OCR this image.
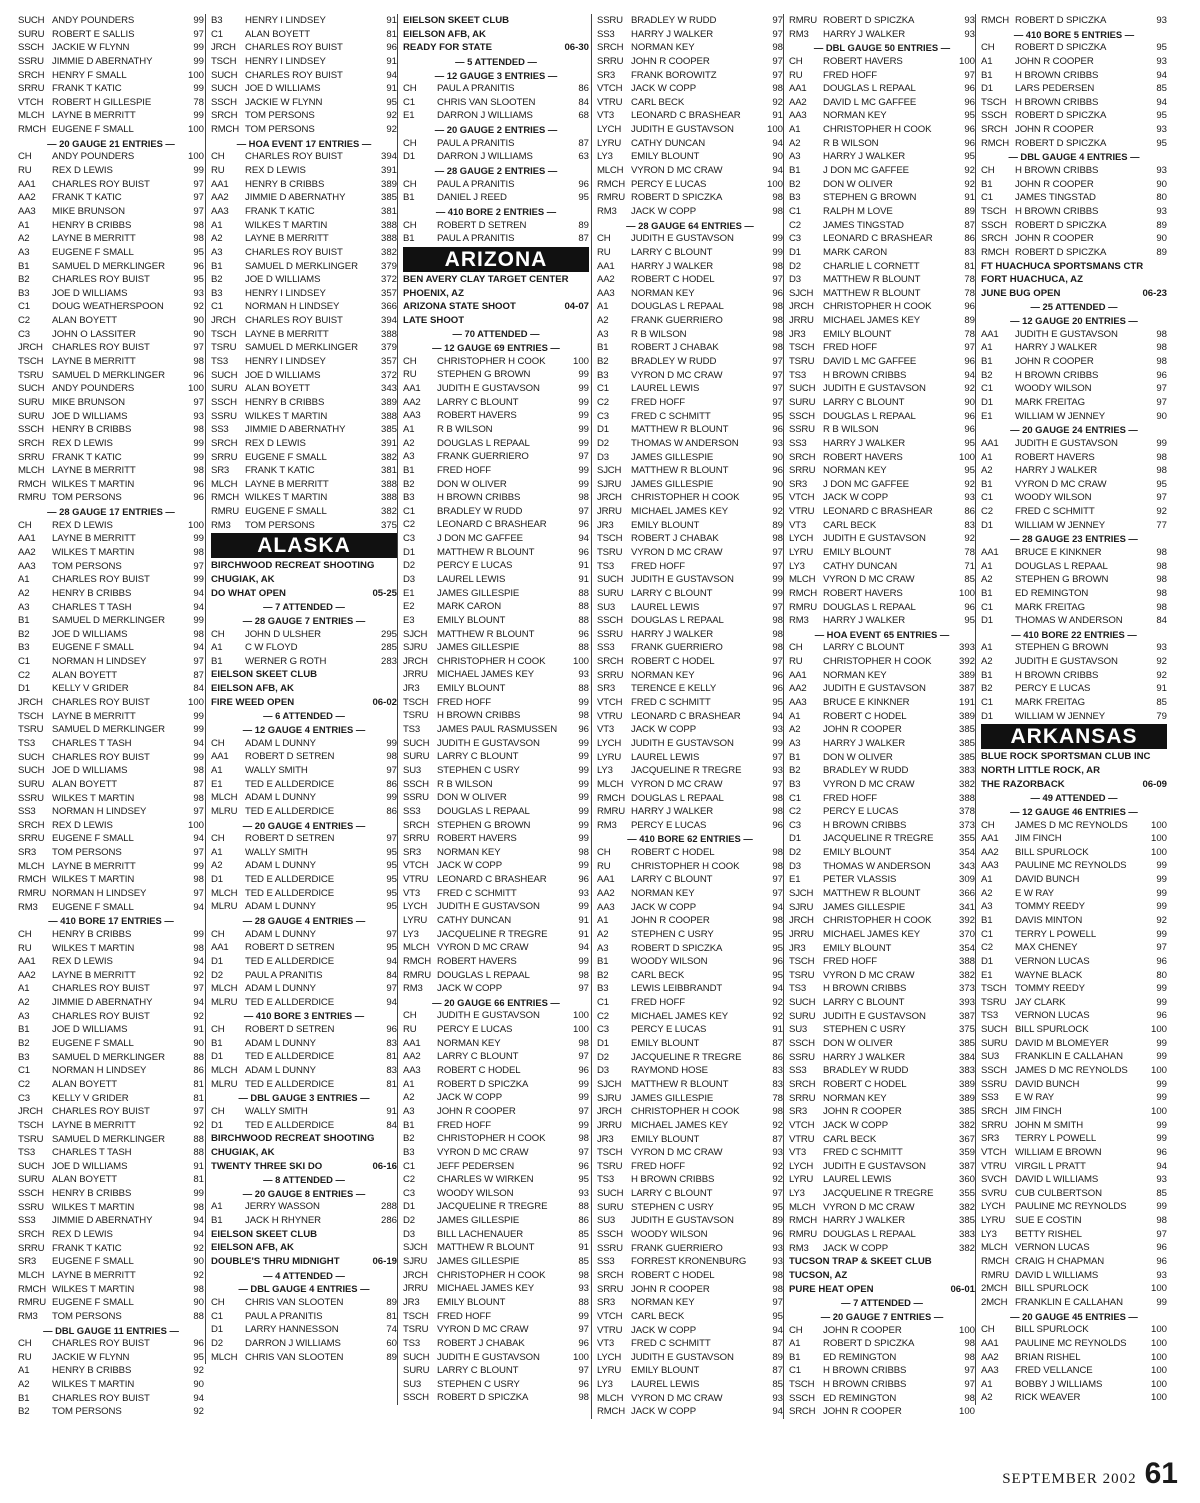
SUCH ANDY POUNDERS	99
SURU ROBERT E SALLIS	97
SSCH JACKIE W FLYNN	99
SSRU JIMMIE D ABERNATHY	99
SRCH HENRY F SMALL	100
SRRU FRANK T KATIC	99
VTCH ROBERT H GILLESPIE	78
MLCH LAYNE B MERRITT	99
RMCH EUGENE F SMALL	100
— 20 GAUGE 21 ENTRIES —
CH	ANDY POUNDERS	100
RU	REX D LEWIS	99
AA1	CHARLES ROY BUIST	97
AA2	FRANK T KATIC	97
AA3	MIKE BRUNSON	97
A1	HENRY B CRIBBS	98
A2	LAYNE B MERRITT	98
A3	EUGENE F SMALL	95
B1	SAMUEL D MERKLINGER	96
B2	CHARLES ROY BUIST	95
B3	JOE D WILLIAMS	93
C1	DOUG WEATHERSPOON	92
C2	ALAN BOYETT	90
C3	JOHN O LASSITER	90
JRCH CHARLES ROY BUIST	97
TSCH LAYNE B MERRITT	98
TSRU SAMUEL D MERKLINGER	96
SUCH ANDY POUNDERS	100
SURU MIKE BRUNSON	97
SURU JOE D WILLIAMS	93
SSCH HENRY B CRIBBS	98
SRCH REX D LEWIS	99
SRRU FRANK T KATIC	99
MLCH LAYNE B MERRITT	98
RMCH WILKES T MARTIN	96
RMRU TOM PERSONS	96
— 28 GAUGE 17 ENTRIES —
CH	REX D LEWIS	100
AA1	LAYNE B MERRITT	99
AA2	WILKES T MARTIN	98
AA3	TOM PERSONS	97
A1	CHARLES ROY BUIST	99
A2	HENRY B CRIBBS	94
A3	CHARLES T TASH	94
B1	SAMUEL D MERKLINGER	99
B2	JOE D WILLIAMS	98
B3	EUGENE F SMALL	94
C1	NORMAN H LINDSEY	97
C2	ALAN BOYETT	87
D1	KELLY V GRIDER	84
JRCH CHARLES ROY BUIST	100
TSCH LAYNE B MERRITT	99
TSRU SAMUEL D MERKLINGER	99
TS3	CHARLES T TASH	94
SUCH CHARLES ROY BUIST	99
SUCH JOE D WILLIAMS	98
SURU ALAN BOYETT	87
SSRU WILKES T MARTIN	98
SS3	NORMAN H LINDSEY	97
SRCH REX D LEWIS	100
SRRU EUGENE F SMALL	94
SR3	TOM PERSONS	97
MLCH LAYNE B MERRITT	99
RMCH WILKES T MARTIN	98
RMRU NORMAN H LINDSEY	97
RM3	EUGENE F SMALL	94
— 410 BORE 17 ENTRIES —
CH	HENRY B CRIBBS	99
RU	WILKES T MARTIN	98
AA1	REX D LEWIS	94
AA2	LAYNE B MERRITT	92
A1	CHARLES ROY BUIST	97
A2	JIMMIE D ABERNATHY	94
A3	CHARLES ROY BUIST	92
B1	JOE D WILLIAMS	91
B2	EUGENE F SMALL	90
B3	SAMUEL D MERKLINGER	88
C1	NORMAN H LINDSEY	86
C2	ALAN BOYETT	81
C3	KELLY V GRIDER	81
JRCH CHARLES ROY BUIST	97
TSCH LAYNE B MERRITT	92
TSRU SAMUEL D MERKLINGER	88
TS3	CHARLES T TASH	88
SUCH JOE D WILLIAMS	91
SURU ALAN BOYETT	81
SSCH HENRY B CRIBBS	99
SSRU WILKES T MARTIN	98
SS3	JIMMIE D ABERNATHY	94
SRCH REX D LEWIS	94
SRRU FRANK T KATIC	92
SR3	EUGENE F SMALL	90
MLCH LAYNE B MERRITT	92
RMCH WILKES T MARTIN	98
RMRU EUGENE F SMALL	90
RM3	TOM PERSONS	88
— DBL GAUGE 11 ENTRIES —
CH	CHARLES ROY BUIST	96
RU	JACKIE W FLYNN	95
A1	HENRY B CRIBBS	92
A2	WILKES T MARTIN	90
B1	CHARLES ROY BUIST	94
B2	TOM PERSONS	92
B3	HENRY I LINDSEY	91
C1	ALAN BOYETT	81
JRCH CHARLES ROY BUIST	96
TSCH HENRY I LINDSEY	91
SUCH CHARLES ROY BUIST	94
SUCH JOE D WILLIAMS	91
SSCH JACKIE W FLYNN	95
SRCH TOM PERSONS	92
RMCH TOM PERSONS	92
— HOA EVENT 17 ENTRIES —
CH	CHARLES ROY BUIST	394
RU	REX D LEWIS	391
AA1	HENRY B CRIBBS	389
AA2	JIMMIE D ABERNATHY	385
AA3	FRANK T KATIC	381
A1	WILKES T MARTIN	388
A2	LAYNE B MERRITT	388
A3	CHARLES ROY BUIST	382
B1	SAMUEL D MERKLINGER	379
B2	JOE D WILLIAMS	372
B3	HENRY I LINDSEY	357
C1	NORMAN H LINDSEY	366
JRCH CHARLES ROY BUIST	394
TSCH LAYNE B MERRITT	388
TSRU SAMUEL D MERKLINGER	379
TS3	HENRY I LINDSEY	357
SUCH JOE D WILLIAMS	372
SURU ALAN BOYETT	343
SSCH HENRY B CRIBBS	389
SSRU WILKES T MARTIN	388
SS3	JIMMIE D ABERNATHY	385
SRCH REX D LEWIS	391
SRRU EUGENE F SMALL	382
SR3	FRANK T KATIC	381
MLCH LAYNE B MERRITT	388
RMCH WILKES T MARTIN	388
RMRU EUGENE F SMALL	382
RM3	TOM PERSONS	375
ALASKA
BIRCHWOOD RECREAT SHOOTING
CHUGIAK, AK
DO WHAT OPEN	05-25
— 7 ATTENDED —
— 28 GAUGE 7 ENTRIES —
CH	JOHN D ULSHER	295
A1	C W FLOYD	285
B1	WERNER G ROTH	283
EIELSON SKEET CLUB
EIELSON AFB, AK
FIRE WEED OPEN	06-02
— 6 ATTENDED —
— 12 GAUGE 4 ENTRIES —
CH	ADAM L DUNNY	99
AA1	ROBERT D SETREN	98
A1	WALLY SMITH	97
E1	TED E ALLDERDICE	86
MLCH ADAM L DUNNY	99
MLRU TED E ALLDERDICE	86
— 20 GAUGE 4 ENTRIES —
CH	ROBERT D SETREN	97
A1	WALLY SMITH	95
A2	ADAM L DUNNY	95
D1	TED E ALLDERDICE	95
MLCH TED E ALLDERDICE	95
MLRU ADAM L DUNNY	95
— 28 GAUGE 4 ENTRIES —
CH	ADAM L DUNNY	97
AA1	ROBERT D SETREN	95
D1	TED E ALLDERDICE	94
D2	PAUL A PRANITIS	84
MLCH ADAM L DUNNY	97
MLRU TED E ALLDERDICE	94
— 410 BORE 3 ENTRIES —
CH	ROBERT D SETREN	96
B1	ADAM L DUNNY	83
D1	TED E ALLDERDICE	81
MLCH ADAM L DUNNY	83
MLRU TED E ALLDERDICE	81
— DBL GAUGE 3 ENTRIES —
CH	WALLY SMITH	91
D1	TED E ALLDERDICE	84
BIRCHWOOD RECREAT SHOOTING
CHUGIAK, AK
TWENTY THREE SKI DO	06-16
— 8 ATTENDED —
— 20 GAUGE 8 ENTRIES —
A1	JERRY WASSON	288
B1	JACK H RHYNER	286
EIELSON SKEET CLUB
EIELSON AFB, AK
DOUBLE'S THRU MIDNIGHT	06-19
— 4 ATTENDED —
— DBL GAUGE 4 ENTRIES —
CH	CHRIS VAN SLOOTEN	89
C1	PAUL A PRANITIS	81
D1	LARRY HANNESSON	74
D2	DARRON J WILLIAMS	60
MLCH CHRIS VAN SLOOTEN	89
EIELSON SKEET CLUB
EIELSON AFB, AK
READY FOR STATE	06-30
— 5 ATTENDED —
— 12 GAUGE 3 ENTRIES —
CH	PAUL A PRANITIS	86
C1	CHRIS VAN SLOOTEN	84
E1	DARRON J WILLIAMS	68
— 20 GAUGE 2 ENTRIES —
CH	PAUL A PRANITIS	87
D1	DARRON J WILLIAMS	63
— 28 GAUGE 2 ENTRIES —
CH	PAUL A PRANITIS	96
B1	DANIEL J REED	95
— 410 BORE 2 ENTRIES —
CH	ROBERT D SETREN	89
B1	PAUL A PRANITIS	87
ARIZONA
BEN AVERY CLAY TARGET CENTER
PHOENIX, AZ
ARIZONA STATE SHOOT	04-07
LATE SHOOT
— 70 ATTENDED —
— 12 GAUGE 69 ENTRIES —
CH	CHRISTOPHER H COOK	100
RU	STEPHEN G BROWN	99
AA1	JUDITH E GUSTAVSON	99
AA2	LARRY C BLOUNT	99
AA3	ROBERT HAVERS	99
A1	R B WILSON	99
A2	DOUGLAS L REPAAL	99
A3	FRANK GUERRIERO	97
B1	FRED HOFF	99
B2	DON W OLIVER	99
B3	H BROWN CRIBBS	98
C1	BRADLEY W RUDD	97
C2	LEONARD C BRASHEAR	96
C3	J DON MC GAFFEE	94
D1	MATTHEW R BLOUNT	96
D2	PERCY E LUCAS	91
D3	LAUREL LEWIS	91
E1	JAMES GILLESPIE	88
E2	MARK CARON	88
E3	EMILY BLOUNT	88
SJCH	MATTHEW R BLOUNT	96
SJRU	JAMES GILLESPIE	88
JRCH CHRISTOPHER H COOK	100
JRRU MICHAEL JAMES KEY	93
JR3	EMILY BLOUNT	88
TSCH FRED HOFF	99
TSRU H BROWN CRIBBS	98
TS3	JAMES PAUL RASMUSSEN	96
SUCH JUDITH E GUSTAVSON	99
SURU LARRY C BLOUNT	99
SU3	STEPHEN C USRY	99
SSCH R B WILSON	99
SSRU DON W OLIVER	99
SS3	DOUGLAS L REPAAL	99
SRCH STEPHEN G BROWN	99
SRRU ROBERT HAVERS	99
SR3	NORMAN KEY	98
VTCH JACK W COPP	99
VTRU LEONARD C BRASHEAR	96
VT3	FRED C SCHMITT	93
LYCH	JUDITH E GUSTAVSON	99
LYRU	CATHY DUNCAN	91
LY3	JACQUELINE R TREGRE	91
MLCH VYRON D MC CRAW	94
RMCH ROBERT HAVERS	99
RMRU DOUGLAS L REPAAL	98
RM3	JACK W COPP	97
— 20 GAUGE 66 ENTRIES —
CH	JUDITH E GUSTAVSON	100
RU	PERCY E LUCAS	100
AA1	NORMAN KEY	98
AA2	LARRY C BLOUNT	97
AA3	ROBERT C HODEL	96
A1	ROBERT D SPICZKA	99
A2	JACK W COPP	99
A3	JOHN R COOPER	97
B1	FRED HOFF	99
B2	CHRISTOPHER H COOK	98
B3	VYRON D MC CRAW	97
C1	JEFF PEDERSEN	96
C2	CHARLES W WIRKEN	95
C3	WOODY WILSON	93
D1	JACQUELINE R TREGRE	88
D2	JAMES GILLESPIE	86
D3	BILL LACHENAUER	85
SJCH	MATTHEW R BLOUNT	91
SJRU	JAMES GILLESPIE	85
JRCH CHRISTOPHER H COOK	98
JRRU MICHAEL JAMES KEY	93
JR3	EMILY BLOUNT	88
TSCH FRED HOFF	99
TSRU VYRON D MC CRAW	97
TS3	ROBERT J CHABAK	96
SUCH JUDITH E GUSTAVSON	100
SURU LARRY C BLOUNT	97
SU3	STEPHEN C USRY	96
SSCH ROBERT D SPICZKA	98
SSRU BRADLEY W RUDD	97
SS3	HARRY J WALKER	97
SRCH NORMAN KEY	98
SRRU JOHN R COOPER	97
SR3	FRANK BOROWITZ	97
VTCH JACK W COPP	98
VTRU CARL BECK	92
VT3	LEONARD C BRASHEAR	91
LYCH	JUDITH E GUSTAVSON	100
LYRU	CATHY DUNCAN	94
LY3	EMILY BLOUNT	90
MLCH VYRON D MC CRAW	94
RMCH PERCY E LUCAS	100
RMRU ROBERT D SPICZKA	98
RM3	JACK W COPP	98
— 28 GAUGE 64 ENTRIES —
CH	JUDITH E GUSTAVSON	99
RU	LARRY C BLOUNT	99
AA1	HARRY J WALKER	98
AA2	ROBERT C HODEL	97
AA3	NORMAN KEY	96
A1	DOUGLAS L REPAAL	98
A2	FRANK GUERRIERO	98
A3	R B WILSON	98
B1	ROBERT J CHABAK	98
B2	BRADLEY W RUDD	97
B3	VYRON D MC CRAW	97
C1	LAUREL LEWIS	97
C2	FRED HOFF	97
C3	FRED C SCHMITT	95
D1	MATTHEW R BLOUNT	96
D2	THOMAS W ANDERSON	93
D3	JAMES GILLESPIE	90
SJCH	MATTHEW R BLOUNT	96
SJRU	JAMES GILLESPIE	90
JRCH CHRISTOPHER H COOK	95
JRRU MICHAEL JAMES KEY	92
JR3	EMILY BLOUNT	89
TSCH ROBERT J CHABAK	98
TSRU VYRON D MC CRAW	97
TS3	FRED HOFF	97
SUCH JUDITH E GUSTAVSON	99
SURU LARRY C BLOUNT	99
SU3	LAUREL LEWIS	97
SSCH DOUGLAS L REPAAL	98
SSRU HARRY J WALKER	98
SS3	FRANK GUERRIERO	98
SRCH ROBERT C HODEL	97
SRRU NORMAN KEY	96
SR3	TERENCE E KELLY	96
VTCH FRED C SCHMITT	95
VTRU LEONARD C BRASHEAR	94
VT3	JACK W COPP	93
LYCH	JUDITH E GUSTAVSON	99
LYRU	LAUREL LEWIS	97
LY3	JACQUELINE R TREGRE	93
MLCH VYRON D MC CRAW	97
RMCH DOUGLAS L REPAAL	98
RMRU HARRY J WALKER	98
RM3	PERCY E LUCAS	96
— 410 BORE 62 ENTRIES —
CH	ROBERT C HODEL	98
RU	CHRISTOPHER H COOK	98
AA1	LARRY C BLOUNT	97
AA2	NORMAN KEY	97
AA3	JACK W COPP	94
A1	JOHN R COOPER	98
A2	STEPHEN C USRY	95
A3	ROBERT D SPICZKA	95
B1	WOODY WILSON	96
B2	CARL BECK	95
B3	LEWIS LEIBBRANDT	94
C1	FRED HOFF	92
C2	MICHAEL JAMES KEY	92
C3	PERCY E LUCAS	91
D1	EMILY BLOUNT	87
D2	JACQUELINE R TREGRE	86
D3	RAYMOND HOSE	83
SJCH	MATTHEW R BLOUNT	83
SJRU	JAMES GILLESPIE	78
JRCH CHRISTOPHER H COOK	98
JRRU MICHAEL JAMES KEY	92
JR3	EMILY BLOUNT	87
TSCH VYRON D MC CRAW	93
TSRU FRED HOFF	92
TS3	H BROWN CRIBBS	92
SUCH LARRY C BLOUNT	97
SURU STEPHEN C USRY	95
SU3	JUDITH E GUSTAVSON	89
SSCH WOODY WILSON	96
SSRU FRANK GUERRIERO	93
SS3	FORREST KRONENBURG	93
SRCH ROBERT C HODEL	98
SRRU JOHN R COOPER	98
SR3	NORMAN KEY	97
VTCH CARL BECK	95
VTRU JACK W COPP	94
VT3	FRED C SCHMITT	87
LYCH	JUDITH E GUSTAVSON	89
LYRU	EMILY BLOUNT	87
LY3	LAUREL LEWIS	85
MLCH VYRON D MC CRAW	93
RMCH JACK W COPP	94
RMRU ROBERT D SPICZKA	93
RM3	HARRY J WALKER	93
— DBL GAUGE 50 ENTRIES —
CH	ROBERT HAVERS	100
RU	FRED HOFF	97
AA1	DOUGLAS L REPAAL	96
AA2	DAVID L MC GAFFEE	96
AA3	NORMAN KEY	95
A1	CHRISTOPHER H COOK	96
A2	R B WILSON	96
A3	HARRY J WALKER	95
B1	J DON MC GAFFEE	92
B2	DON W OLIVER	92
B3	STEPHEN G BROWN	91
C1	RALPH M LOVE	89
C2	JAMES TINGSTAD	87
C3	LEONARD C BRASHEAR	86
D1	MARK CARON	83
D2	CHARLIE L CORNETT	81
D3	MATTHEW R BLOUNT	78
SJCH	MATTHEW R BLOUNT	78
JRCH CHRISTOPHER H COOK	96
JRRU MICHAEL JAMES KEY	89
JR3	EMILY BLOUNT	78
TSCH FRED HOFF	97
TSRU DAVID L MC GAFFEE	96
TS3	H BROWN CRIBBS	94
SUCH JUDITH E GUSTAVSON	92
SURU LARRY C BLOUNT	90
SSCH DOUGLAS L REPAAL	96
SSRU R B WILSON	96
SS3	HARRY J WALKER	95
SRCH ROBERT HAVERS	100
SRRU NORMAN KEY	95
SR3	J DON MC GAFFEE	92
VTCH JACK W COPP	93
VTRU LEONARD C BRASHEAR	86
VT3	CARL BECK	83
LYCH	JUDITH E GUSTAVSON	92
LYRU	EMILY BLOUNT	78
LY3	CATHY DUNCAN	71
MLCH VYRON D MC CRAW	85
RMCH ROBERT HAVERS	100
RMRU DOUGLAS L REPAAL	96
RM3	HARRY J WALKER	95
— HOA EVENT 65 ENTRIES —
CH	LARRY C BLOUNT	393
RU	CHRISTOPHER H COOK	392
AA1	NORMAN KEY	389
AA2	JUDITH E GUSTAVSON	387
AA3	BRUCE E KINKNER	191
A1	ROBERT C HODEL	389
A2	JOHN R COOPER	385
A3	HARRY J WALKER	385
B1	DON W OLIVER	385
B2	BRADLEY W RUDD	383
B3	VYRON D MC CRAW	382
C1	FRED HOFF	388
C2	PERCY E LUCAS	378
C3	H BROWN CRIBBS	373
D1	JACQUELINE R TREGRE	355
D2	EMILY BLOUNT	354
D3	THOMAS W ANDERSON	343
E1	PETER VLASSIS	309
SJCH	MATTHEW R BLOUNT	366
SJRU	JAMES GILLESPIE	341
JRCH CHRISTOPHER H COOK	392
JRRU MICHAEL JAMES KEY	370
JR3	EMILY BLOUNT	354
TSCH FRED HOFF	388
TSRU VYRON D MC CRAW	382
TS3	H BROWN CRIBBS	373
SUCH LARRY C BLOUNT	393
SURU JUDITH E GUSTAVSON	387
SU3	STEPHEN C USRY	375
SSCH DON W OLIVER	385
SSRU HARRY J WALKER	384
SS3	BRADLEY W RUDD	383
SRCH ROBERT C HODEL	389
SRRU NORMAN KEY	389
SR3	JOHN R COOPER	385
VTCH JACK W COPP	382
VTRU CARL BECK	367
VT3	FRED C SCHMITT	359
LYCH	JUDITH E GUSTAVSON	387
LYRU	LAUREL LEWIS	360
LY3	JACQUELINE R TREGRE	355
MLCH VYRON D MC CRAW	382
RMCH HARRY J WALKER	385
RMRU DOUGLAS L REPAAL	383
RM3	JACK W COPP	382
TUCSON TRAP & SKEET CLUB
TUCSON, AZ
PURE HEAT OPEN	06-01
— 7 ATTENDED —
— 20 GAUGE 7 ENTRIES —
CH	JOHN R COOPER	100
A1	ROBERT D SPICZKA	98
B1	ED REMINGTON	98
C1	H BROWN CRIBBS	97
TSCH H BROWN CRIBBS	97
SSCH ED REMINGTON	98
SRCH JOHN R COOPER	100
RMCH ROBERT D SPICZKA	93
— 410 BORE 5 ENTRIES —
CH	ROBERT D SPICZKA	95
A1	JOHN R COOPER	93
B1	H BROWN CRIBBS	94
D1	LARS PEDERSEN	85
TSCH H BROWN CRIBBS	94
SSCH ROBERT D SPICZKA	95
SRCH JOHN R COOPER	93
RMCH ROBERT D SPICZKA	95
— DBL GAUGE 4 ENTRIES —
CH	H BROWN CRIBBS	93
B1	JOHN R COOPER	90
C1	JAMES TINGSTAD	80
TSCH H BROWN CRIBBS	93
SSCH ROBERT D SPICZKA	89
SRCH JOHN R COOPER	90
RMCH ROBERT D SPICZKA	89
FT HUACHUCA SPORTSMANS CTR
FORT HUACHUCA, AZ
JUNE BUG OPEN	06-23
— 25 ATTENDED —
— 12 GAUGE 20 ENTRIES —
AA1	JUDITH E GUSTAVSON	98
A1	HARRY J WALKER	98
B1	JOHN R COOPER	98
B2	H BROWN CRIBBS	96
C1	WOODY WILSON	97
D1	MARK FREITAG	97
E1	WILLIAM W JENNEY	90
— 20 GAUGE 24 ENTRIES —
AA1	JUDITH E GUSTAVSON	99
A1	ROBERT HAVERS	98
A2	HARRY J WALKER	98
B1	VYRON D MC CRAW	95
C1	WOODY WILSON	97
C2	FRED C SCHMITT	92
D1	WILLIAM W JENNEY	77
— 28 GAUGE 23 ENTRIES —
AA1	BRUCE E KINKNER	98
A1	DOUGLAS L REPAAL	98
A2	STEPHEN G BROWN	98
B1	ED REMINGTON	98
C1	MARK FREITAG	98
D1	THOMAS W ANDERSON	84
— 410 BORE 22 ENTRIES —
A1	STEPHEN G BROWN	93
A2	JUDITH E GUSTAVSON	92
B1	H BROWN CRIBBS	92
B2	PERCY E LUCAS	91
C1	MARK FREITAG	85
D1	WILLIAM W JENNEY	79
ARKANSAS
BLUE ROCK SPORTSMAN CLUB INC
NORTH LITTLE ROCK, AR
THE RAZORBACK	06-09
— 49 ATTENDED —
— 12 GAUGE 46 ENTRIES —
CH	JAMES D MC REYNOLDS	100
AA1	JIM FINCH	100
AA2	BILL SPURLOCK	100
AA3	PAULINE MC REYNOLDS	99
A1	DAVID BUNCH	99
A2	E W RAY	99
A3	TOMMY REEDY	99
B1	DAVIS MINTON	92
C1	TERRY L POWELL	99
C2	MAX CHENEY	97
D1	VERNON LUCAS	96
E1	WAYNE BLACK	80
TSCH TOMMY REEDY	99
TSRU JAY CLARK	99
TS3	VERNON LUCAS	96
SUCH BILL SPURLOCK	100
SURU DAVID M BLOMEYER	99
SU3	FRANKLIN E CALLAHAN	99
SSCH JAMES D MC REYNOLDS	100
SSRU DAVID BUNCH	99
SS3	E W RAY	99
SRCH JIM FINCH	100
SRRU JOHN M SMITH	99
SR3	TERRY L POWELL	99
VTCH WILLIAM E BROWN	96
VTRU VIRGIL L PRATT	94
SVCH DAVID L WILLIAMS	93
SVRU CUB CULBERTSON	85
LYCH	PAULINE MC REYNOLDS	99
LYRU	SUE E COSTIN	98
LY3	BETTY RISHEL	97
MLCH VERNON LUCAS	96
RMCH CRAIG H CHAPMAN	96
RMRU DAVID L WILLIAMS	93
2MCH BILL SPURLOCK	100
2MCH FRANKLIN E CALLAHAN	99
— 20 GAUGE 45 ENTRIES —
CH	BILL SPURLOCK	100
AA1	PAULINE MC REYNOLDS	100
AA2	BRIAN RISHEL	100
AA3	FRED VELLANCE	100
A1	BOBBY J WILLIAMS	100
A2	RICK WEAVER	100
SEPTEMBER 2002 61
